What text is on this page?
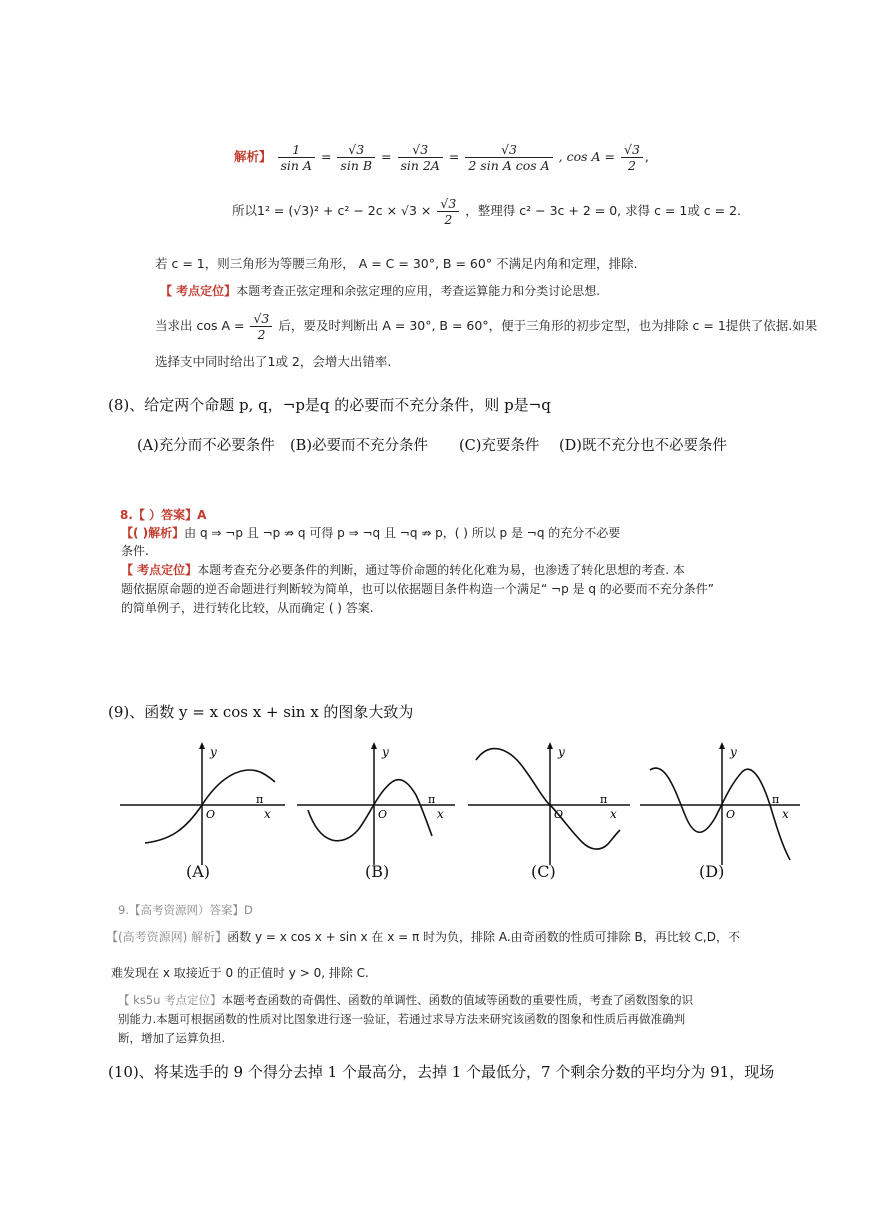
解析】 $\frac{1}{\text{sin A}} = \frac{√3}{\text{sin B}} = \frac{√3}{\sin 2A} = \frac{√3}{\text{2 sin A cos A}}$ , $\cos A = \frac{√3}{2}$ ,
所以$1^2 = (√3)^2 + c^2 - 2c \times √3 \times \frac{√3}{2}$ ，整理得 c² − 3c + 2 = 0, 求得 c = 1或 c = 2.
若 c = 1，则三角形为等腰三角形， A = C = 30°, B = 60° 不满足内角和定理，排除.
【 考点定位】本题考查正弦定理和余弦定理的应用，考查运算能力和分类讨论思想.
当求出 $\cos A = \frac{√3}{2}$ 后，要及时判断出 A = 30°, B = 60°，便于三角形的初步定型，也为排除 c = 1提供了依据.如果
选择支中同时给出了1或 2，会增大出错率.
(8)、给定两个命题 p, q，¬p是q 的必要而不充分条件，则 p是¬q
(A)充分而不必要条件 (B)必要而不充分条件 (C)充要条件 (D)既不充分也不必要条件
8.【 ）答案】A
【( )解析】由 q ⇒ ¬p 且 ¬p ⇏ q 可得 p ⇒ ¬q 且 ¬q ⇏ p，( ) 所以 p 是 ¬q 的充分不必要
条件.
【 考点定位】本题考查充分必要条件的判断，通过等价命题的转化化难为易，也渗透了转化思想的考查. 本
题依据原命题的逆否命题进行判断较为简单，也可以依据题目条件构造一个满足“ ¬p 是 q 的必要而不充分条件”
的简单例子，进行转化比较，从而确定 ( ) 答案.
(9)、函数 y = x cos x + sin x 的图象大致为
y
O
π
x
y
O
π
x
y
O
π
x
y
O
π
x
(A)	(B)	(C)	(D)
9.【高考资源网）答案】D
【(高考资源网) 解析】函数 y = x cos x + sin x 在 x = π 时为负，排除 A.由奇函数的性质可排除 B，再比较 C,D，不
难发现在 x 取接近于 0 的正值时 y > 0, 排除 C.
【 ks5u 考点定位】本题考查函数的奇偶性、函数的单调性、函数的值域等函数的重要性质，考查了函数图象的识
别能力.本题可根据函数的性质对比图象进行逐一验证，若通过求导方法来研究该函数的图象和性质后再做准确判
断，增加了运算负担.
(10)、将某选手的 9 个得分去掉 1 个最高分，去掉 1 个最低分，7 个剩余分数的平均分为 91，现场
